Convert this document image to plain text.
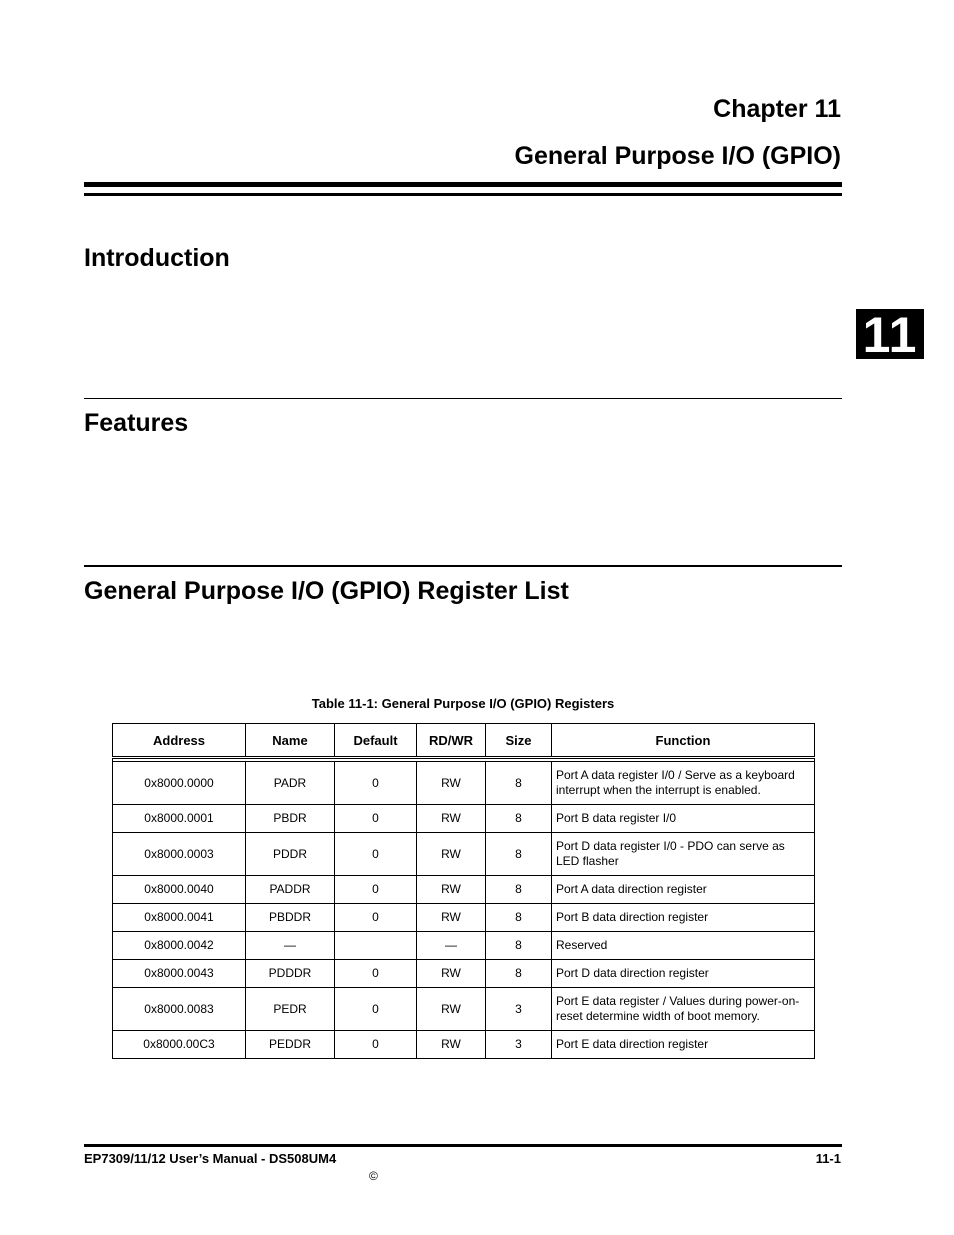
Chapter 11
General Purpose I/O (GPIO)
11
Introduction
Features
General Purpose I/O (GPIO) Register List

Table 11-1: General Purpose I/O (GPIO) Registers

Address	Name	Default	RD/WR	Size	Function

0x8000.0000	PADR	0	RW	8	Port A data register I/0 / Serve as a keyboard interrupt when the interrupt is enabled.
0x8000.0001	PBDR	0	RW	8	Port B data register I/0
0x8000.0003	PDDR	0	RW	8	Port D data register I/0 - PDO can serve as LED flasher
0x8000.0040	PADDR	0	RW	8	Port A data direction register
0x8000.0041	PBDDR	0	RW	8	Port B data direction register
0x8000.0042	—		—	8	Reserved
0x8000.0043	PDDDR	0	RW	8	Port D data direction register
0x8000.0083	PEDR	0	RW	3	Port E data register / Values during power-on-reset determine width of boot memory.
0x8000.00C3	PEDDR	0	RW	3	Port E data direction register

EP7309/11/12 User’s Manual - DS508UM4	11-1

©
